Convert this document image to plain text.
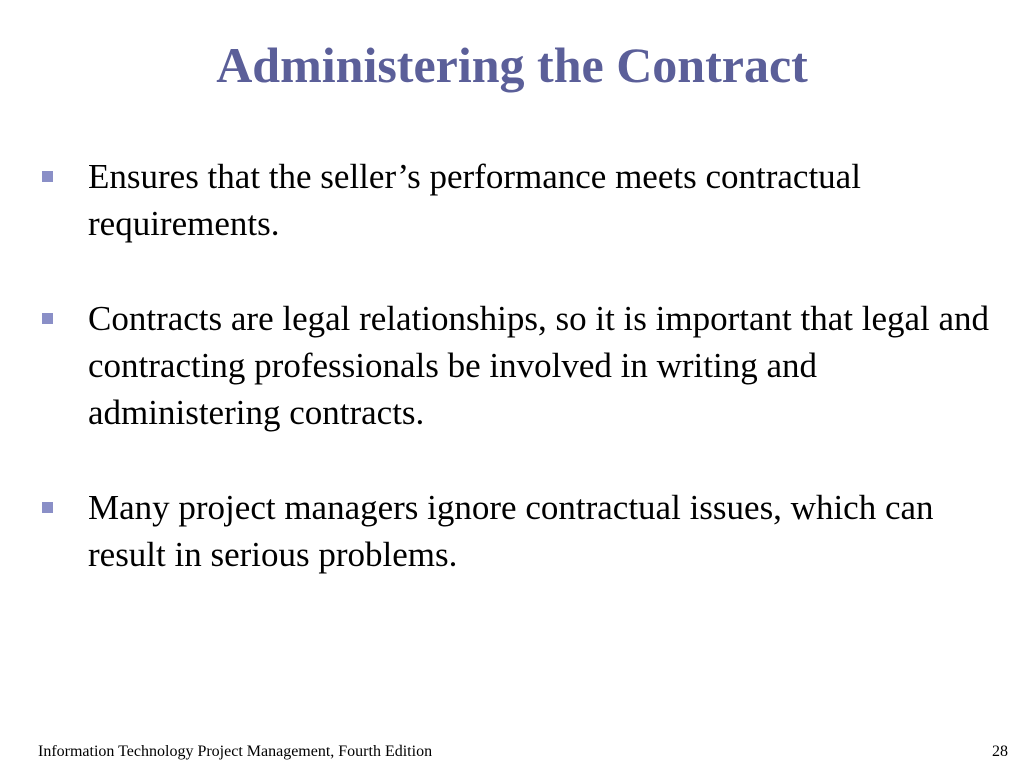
Administering the Contract
Ensures that the seller’s performance meets contractual requirements.
Contracts are legal relationships, so it is important that legal and contracting professionals be involved in writing and administering contracts.
Many project managers ignore contractual issues, which can result in serious problems.
Information Technology Project Management, Fourth Edition	28
